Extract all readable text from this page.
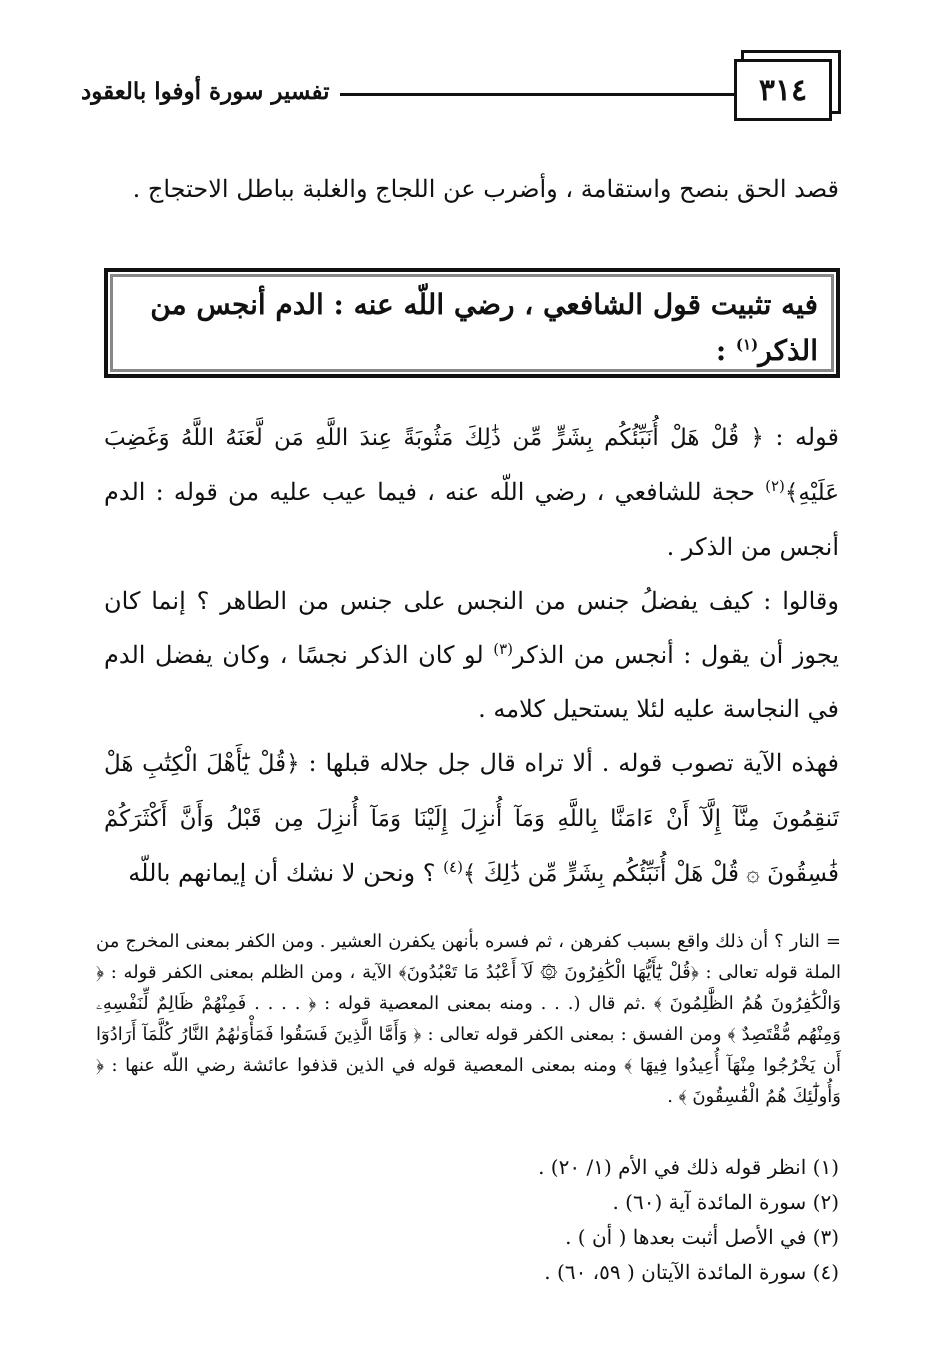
تفسير سورة أوفوا بالعقود	٣١٤
قصد الحق بنصح واستقامة ، وأضرب عن اللجاج والغلبة بباطل الاحتجاج .
فيه تثبيت قول الشافعي ، رضي اللّه عنه : الدم أنجس من الذكر$^{(١)}$ :
قوله : ﴿ قُلْ هَلْ أُنَبِّئُكُم بِشَرٍّ مِّن ذَٰلِكَ مَثُوبَةً عِندَ اللَّهِ مَن لَّعَنَهُ اللَّهُ وَغَضِبَ عَلَيْهِ﴾$^{(٢)}$ حجة للشافعي ، رضي اللّه عنه ، فيما عيب عليه من قوله : الدم أنجس من الذكر .
وقالوا : كيف يفضلُ جنس من النجس على جنس من الطاهر ؟ إنما كان يجوز أن يقول : أنجس من الذكر$^{(٣)}$ لو كان الذكر نجسًا ، وكان يفضل الدم في النجاسة عليه لئلا يستحيل كلامه .
فهذه الآية تصوب قوله . ألا تراه قال جل جلاله قبلها : ﴿قُلْ يَٰٓأَهْلَ الْكِتَٰبِ هَلْ تَنقِمُونَ مِنَّآ إِلَّآ أَنْ ءَامَنَّا بِاللَّهِ وَمَآ أُنزِلَ إِلَيْنَا وَمَآ أُنزِلَ مِن قَبْلُ وَأَنَّ أَكْثَرَكُمْ فَٰسِقُونَ ۞ قُلْ هَلْ أُنَبِّئُكُم بِشَرٍّ مِّن ذَٰلِكَ ﴾$^{(٤)}$ ؟ ونحن لا نشك أن إيمانهم باللّه
= النار ؟ أن ذلك واقع بسبب كفرهن ، ثم فسره بأنهن يكفرن العشير . ومن الكفر بمعنى المخرج من الملة قوله تعالى : ﴿قُلْ يَٰٓأَيُّهَا الْكَٰفِرُونَ ۞ لَآ أَعْبُدُ مَا تَعْبُدُونَ﴾ الآية ، ومن الظلم بمعنى الكفر قوله : ﴿ وَالْكَٰفِرُونَ هُمُ الظَّٰلِمُونَ ﴾ .ثم قال (. . . ومنه بمعنى المعصية قوله : ﴿ . . . . فَمِنْهُمْ ظَالِمٌ لِّنَفْسِهِۦ وَمِنْهُم مُّقْتَصِدٌ ﴾ ومن الفسق : بمعنى الكفر قوله تعالى : ﴿ وَأَمَّا الَّذِينَ فَسَقُوا فَمَأْوَىٰهُمُ النَّارُ كُلَّمَآ أَرَادُوٓا أَن يَخْرُجُوا مِنْهَآ أُعِيدُوا فِيهَا ﴾ ومنه بمعنى المعصية قوله في الذين قذفوا عائشة رضي اللّه عنها : ﴿ وَأُولَٰٓئِكَ هُمُ الْفَٰسِقُونَ ﴾ .
(١) انظر قوله ذلك في الأم (١/ ٢٠) .
(٢) سورة المائدة آية (٦٠) .
(٣) في الأصل أثبت بعدها ( أن ) .
(٤) سورة المائدة الآيتان ( ٥٩، ٦٠) .
